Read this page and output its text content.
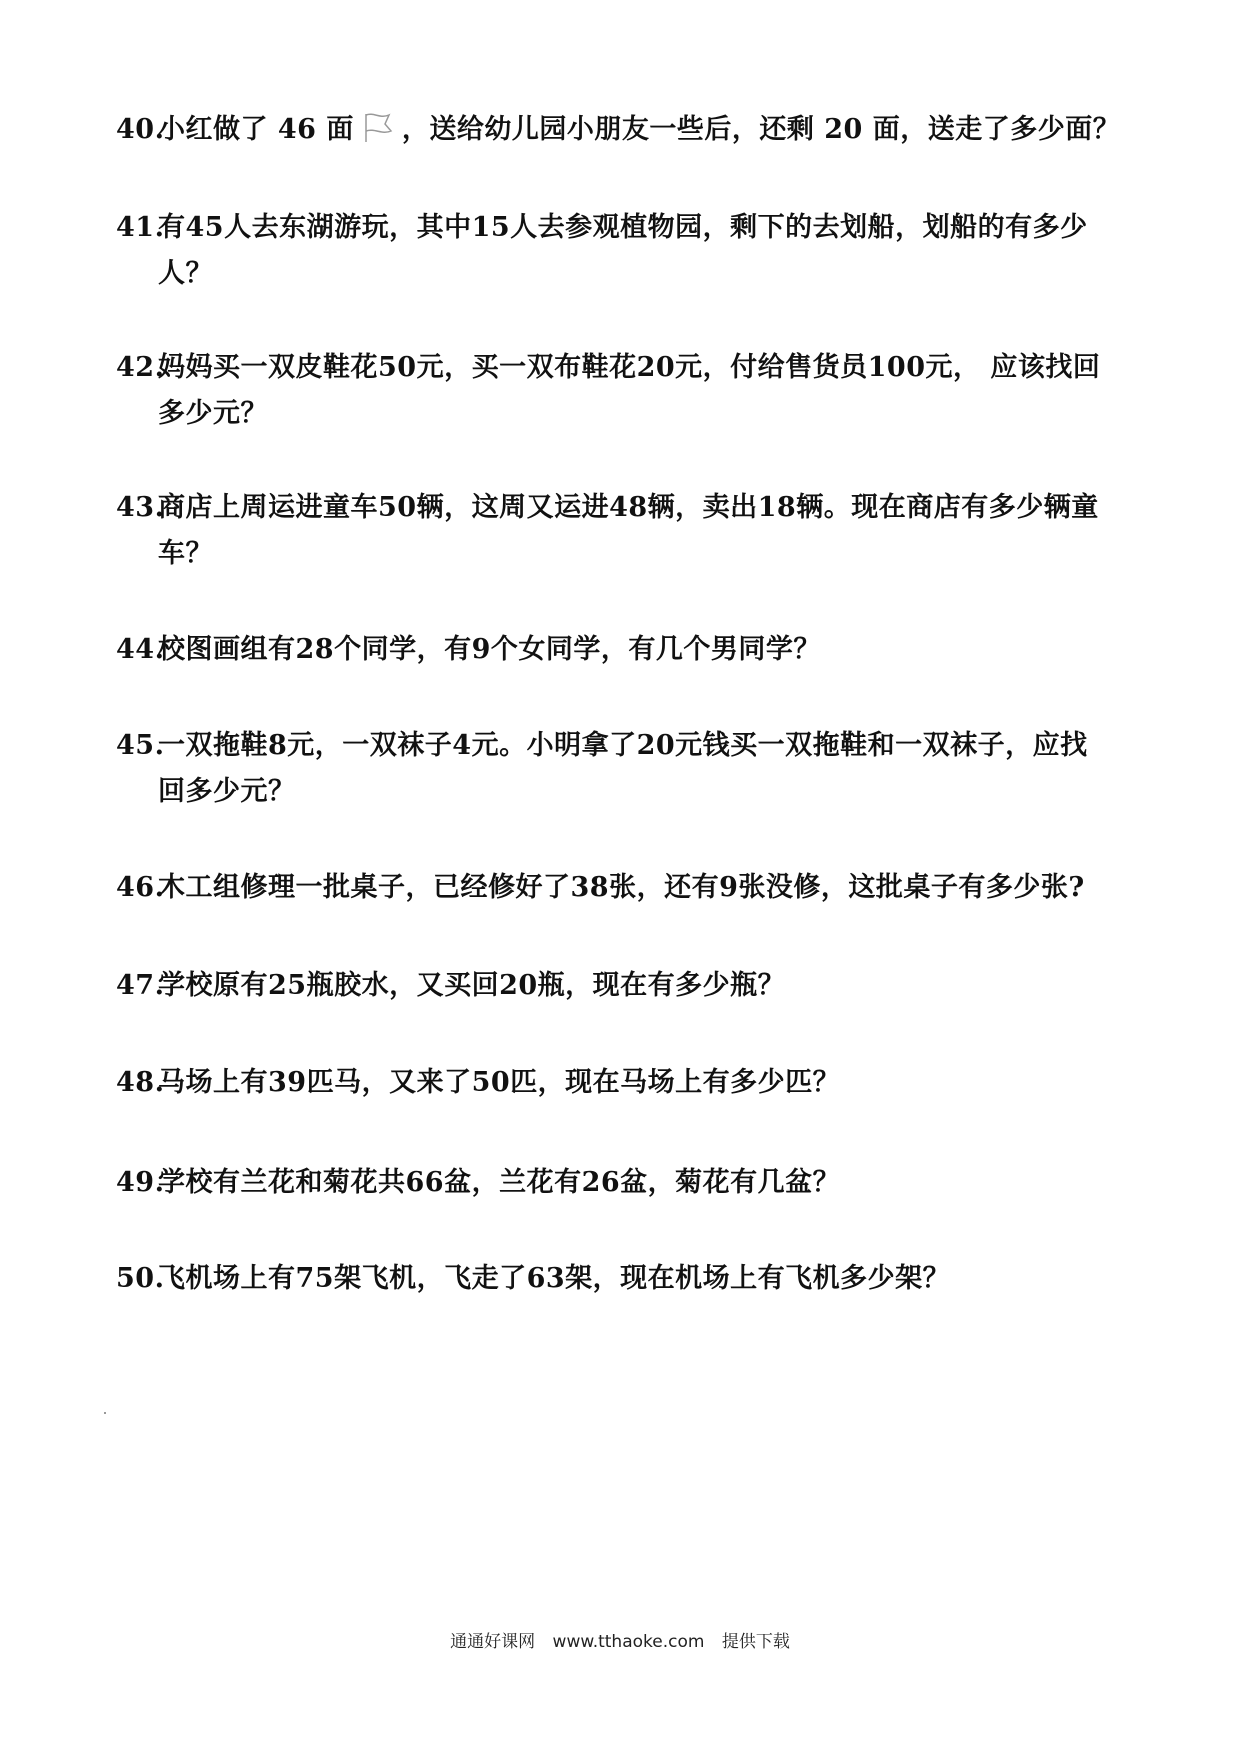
40.小红做了 46 面 ，送给幼儿园小朋友一些后，还剩 20 面，送走了多少面？
41.有45人去东湖游玩，其中15人去参观植物园，剩下的去划船，划船的有多少
人？
42.妈妈买一双皮鞋花50元，买一双布鞋花20元，付给售货员100元， 应该找回
多少元？
43.商店上周运进童车50辆，这周又运进48辆，卖出18辆。现在商店有多少辆童
车？
44.校图画组有28个同学，有9个女同学，有几个男同学？
45.一双拖鞋8元，一双袜子4元。小明拿了20元钱买一双拖鞋和一双袜子，应找
回多少元？
46.木工组修理一批桌子，已经修好了38张，还有9张没修，这批桌子有多少张?
47.学校原有25瓶胶水，又买回20瓶，现在有多少瓶？
48.马场上有39匹马，又来了50匹，现在马场上有多少匹？
49.学校有兰花和菊花共66盆，兰花有26盆，菊花有几盆？
50.飞机场上有75架飞机，飞走了63架，现在机场上有飞机多少架？
通通好课网 www.tthaoke.com 提供下载
